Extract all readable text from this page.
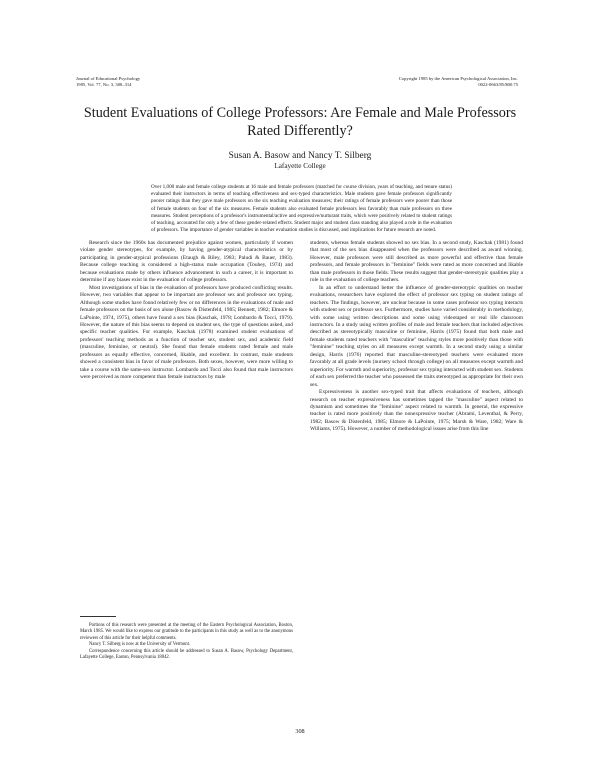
Journal of Educational Psychology
1985, Vol. 77, No. 3, 308–314
Copyright 1985 by the American Psychological Association, Inc.
0022-0663/85/$00.75
Student Evaluations of College Professors: Are Female and Male Professors Rated Differently?
Susan A. Basow and Nancy T. Silberg
Lafayette College

Over 1,000 male and female college students at 16 male and female professors (matched for course division, years of teaching, and tenure status) evaluated their instructors in terms of teaching effectiveness and sex-typed characteristics. Male students gave female professors significantly poorer ratings than they gave male professors on the six teaching evaluation measures; their ratings of female professors were poorer than those of female students on four of the six measures. Female students also evaluated female professors less favorably than male professors on three measures. Student perceptions of a professor's instrumental/active and expressive/nurturant traits, which were positively related to student ratings of teaching, accounted for only a few of these gender-related effects. Student major and student class standing also played a role in the evaluation of professors. The importance of gender variables in teacher evaluation studies is discussed, and implications for future research are noted.

Research since the 1960s has documented prejudice against women, particularly if women violate gender stereotypes, for example, by having gender-atypical characteristics or by participating in gender-atypical professions (Etaugh & Riley, 1983; Paludi & Bauer, 1983). Because college teaching is considered a high-status male occupation (Touhey, 1974) and because evaluations made by others influence advancement in such a career, it is important to determine if any biases exist in the evaluation of college professors.

Most investigations of bias in the evaluation of professors have produced conflicting results. However, two variables that appear to be important are professor sex and professor sex typing. Although some studies have found relatively few or no differences in the evaluations of male and female professors on the basis of sex alone (Basow & Distenfeld, 1985; Bennett, 1982; Elmore & LaPointe, 1974, 1975), others have found a sex bias (Kaschak, 1978; Lombardo & Tocci, 1979). However, the nature of this bias seems to depend on student sex, the type of questions asked, and specific teacher qualities. For example, Kaschak (1978) examined student evaluations of professors' teaching methods as a function of teacher sex, student sex, and academic field (masculine, feminine, or neutral). She found that female students rated female and male professors as equally effective, concerned, likable, and excellent. In contrast, male students showed a consistent bias in favor of male professors. Both sexes, however, were more willing to take a course with the same-sex instructor. Lombardo and Tocci also found that male instructors were perceived as more competent than female instructors by male

students, whereas female students showed no sex bias. In a second study, Kaschak (1981) found that most of the sex bias disappeared when the professors were described as award winning. However, male professors were still described as more powerful and effective than female professors, and female professors in "feminine" fields were rated as more concerned and likable than male professors in those fields. These results suggest that gender-stereotypic qualities play a role in the evaluation of college teachers.

In an effort to understand better the influence of gender-stereotypic qualities on teacher evaluations, researchers have explored the effect of professor sex typing on student ratings of teachers. The findings, however, are unclear because in some cases professor sex typing interacts with student sex or professor sex. Furthermore, studies have varied considerably in methodology, with some using written descriptions and some using videotaped or real life classroom instructors. In a study using written profiles of male and female teachers that included adjectives described as stereotypically masculine or feminine, Harris (1975) found that both male and female students rated teachers with "masculine" teaching styles more positively than those with "feminine" teaching styles on all measures except warmth. In a second study using a similar design, Harris (1976) reported that masculine-stereotyped teachers were evaluated more favorably at all grade levels (nursery school through college) on all measures except warmth and superiority. For warmth and superiority, professor sex typing interacted with student sex. Students of each sex preferred the teacher who possessed the traits stereotyped as appropriate for their own sex.

Expressiveness is another sex-typed trait that affects evaluations of teachers, although research on teacher expressiveness has sometimes tapped the "masculine" aspect related to dynamism and sometimes the "feminine" aspect related to warmth. In general, the expressive teacher is rated more positively than the nonexpressive teacher (Abrami, Leventhal, & Perry, 1982; Basow & Distenfeld, 1985; Elmore & LaPointe, 1975; Marsh & Ware, 1982; Ware & Williams, 1975). However, a number of methodological issues arise from this line

Portions of this research were presented at the meeting of the Eastern Psychological Association, Boston, March 1985. We would like to express our gratitude to the participants in this study as well as to the anonymous reviewers of this article for their helpful comments.

Nancy T. Silberg is now at the University of Vermont.

Correspondence concerning this article should be addressed to Susan A. Basow, Psychology Department, Lafayette College, Easton, Pennsylvania 18042.

308
